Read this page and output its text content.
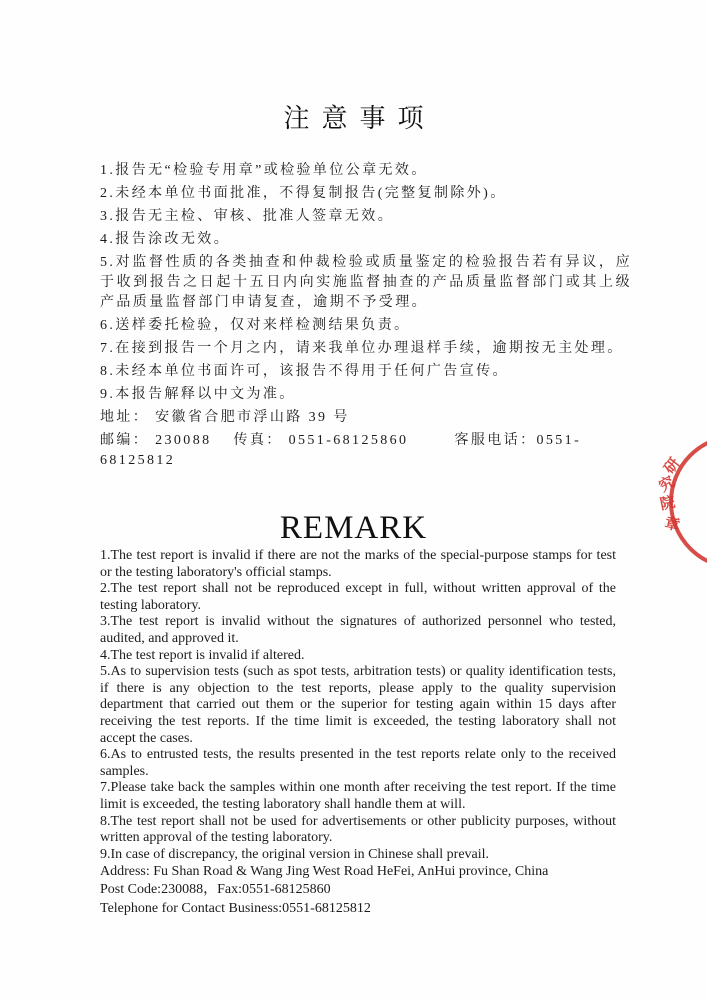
注意事项

1.报告无“检验专用章”或检验单位公章无效。

2.未经本单位书面批准，不得复制报告(完整复制除外)。

3.报告无主检、审核、批准人签章无效。

4.报告涂改无效。

5.对监督性质的各类抽查和仲裁检验或质量鉴定的检验报告若有异议，应于收到报告之日起十五日内向实施监督抽查的产品质量监督部门或其上级产品质量监督部门申请复查，逾期不予受理。

6.送样委托检验，仅对来样检测结果负责。

7.在接到报告一个月之内，请来我单位办理退样手续，逾期按无主处理。

8.未经本单位书面许可，该报告不得用于任何广告宣传。

9.本报告解释以中文为准。

地址： 安徽省合肥市浮山路 39 号

邮编： 230088 传真： 0551-68125860	客服电话：0551-68125812

REMARK

1.The test report is invalid if there are not the marks of the special-purpose stamps for test or the testing laboratory's official stamps.

2.The test report shall not be reproduced except in full, without written approval of the testing laboratory.

3.The test report is invalid without the signatures of authorized personnel who tested, audited, and approved it.

4.The test report is invalid if altered.

5.As to supervision tests (such as spot tests, arbitration tests) or quality identification tests, if there is any objection to the test reports, please apply to the quality supervision department that carried out them or the superior for testing again within 15 days after receiving the test reports. If the time limit is exceeded, the testing laboratory shall not accept the cases.

6.As to entrusted tests, the results presented in the test reports relate only to the received samples.

7.Please take back the samples within one month after receiving the test report. If the time limit is exceeded, the testing laboratory shall handle them at will.

8.The test report shall not be used for advertisements or other publicity purposes, without written approval of the testing laboratory.

9.In case of discrepancy, the original version in Chinese shall prevail.

Address: Fu Shan Road & Wang Jing West Road HeFei, AnHui province, China

Post Code:230088，Fax:0551-68125860

Telephone for Contact Business:0551-68125812

研
究
院
章
